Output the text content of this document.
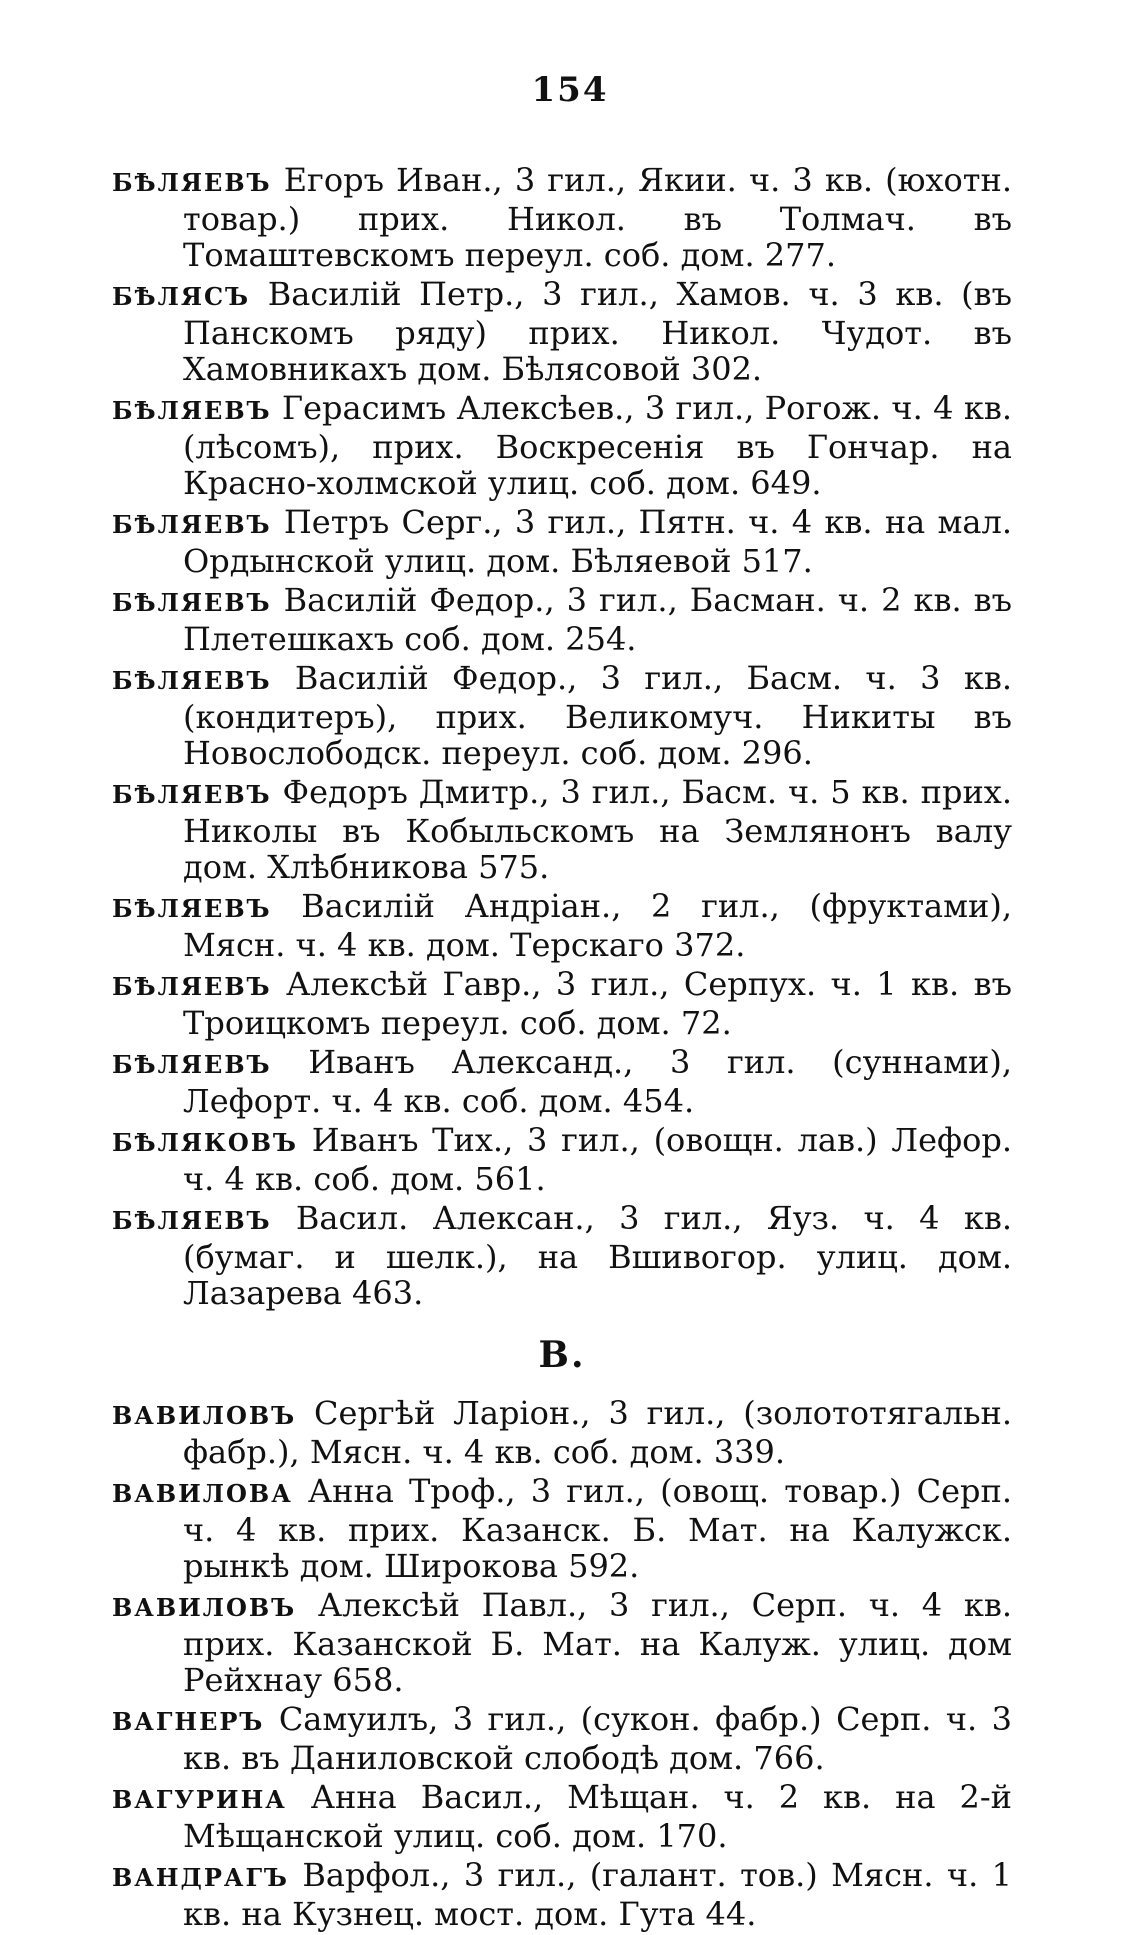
154
БѢЛЯЕВЪ Егоръ Иван., 3 гил., Якии. ч. 3 кв. (юхотн. товар.) прих. Никол. въ Толмач. въ Томаштевскомъ переул. соб. дом. 277.
БѢЛЯСЪ Василій Петр., 3 гил., Хамов. ч. 3 кв. (въ Панскомъ ряду) прих. Никол. Чудот. въ Хамовникахъ дом. Бѣлясовой 302.
БѢЛЯЕВЪ Герасимъ Алексѣев., 3 гил., Рогож. ч. 4 кв. (лѣсомъ), прих. Воскресенія въ Гончар. на Красно-холмской улиц. соб. дом. 649.
БѢЛЯЕВЪ Петръ Серг., 3 гил., Пятн. ч. 4 кв. на мал. Ордынской улиц. дом. Бѣляевой 517.
БѢЛЯЕВЪ Василій Федор., 3 гил., Басман. ч. 2 кв. въ Плетешкахъ соб. дом. 254.
БѢЛЯЕВЪ Василій Федор., 3 гил., Басм. ч. 3 кв. (кондитеръ), прих. Великомуч. Никиты въ Новослободск. переул. соб. дом. 296.
БѢЛЯЕВЪ Федоръ Дмитр., 3 гил., Басм. ч. 5 кв. прих. Николы въ Кобыльскомъ на Землянонъ валу дом. Хлѣбникова 575.
БѢЛЯЕВЪ Василій Андріан., 2 гил., (фруктами), Мясн. ч. 4 кв. дом. Терскаго 372.
БѢЛЯЕВЪ Алексѣй Гавр., 3 гил., Серпух. ч. 1 кв. въ Троицкомъ переул. соб. дом. 72.
БѢЛЯЕВЪ Иванъ Александ., 3 гил. (суннами), Лефорт. ч. 4 кв. соб. дом. 454.
БѢЛЯКОВЪ Иванъ Тих., 3 гил., (овощн. лав.) Лефор. ч. 4 кв. соб. дом. 561.
БѢЛЯЕВЪ Васил. Алексан., 3 гил., Яуз. ч. 4 кв. (бумаг. и шелк.), на Вшивогор. улиц. дом. Лазарева 463.
В.
ВАВИЛОВЪ Сергѣй Ларіон., 3 гил., (золототягальн. фабр.), Мясн. ч. 4 кв. соб. дом. 339.
ВАВИЛОВА Анна Троф., 3 гил., (овощ. товар.) Серп. ч. 4 кв. прих. Казанск. Б. Мат. на Калужск. рынкѣ дом. Широкова 592.
ВАВИЛОВЪ Алексѣй Павл., 3 гил., Серп. ч. 4 кв. прих. Казанской Б. Мат. на Калуж. улиц. дом Рейхнау 658.
ВАГНЕРЪ Самуилъ, 3 гил., (сукон. фабр.) Серп. ч. 3 кв. въ Даниловской слободѣ дом. 766.
ВАГУРИНА Анна Васил., Мѣщан. ч. 2 кв. на 2-й Мѣщанской улиц. соб. дом. 170.
ВАНДРАГЪ Варфол., 3 гил., (галант. тов.) Мясн. ч. 1 кв. на Кузнец. мост. дом. Гута 44.
